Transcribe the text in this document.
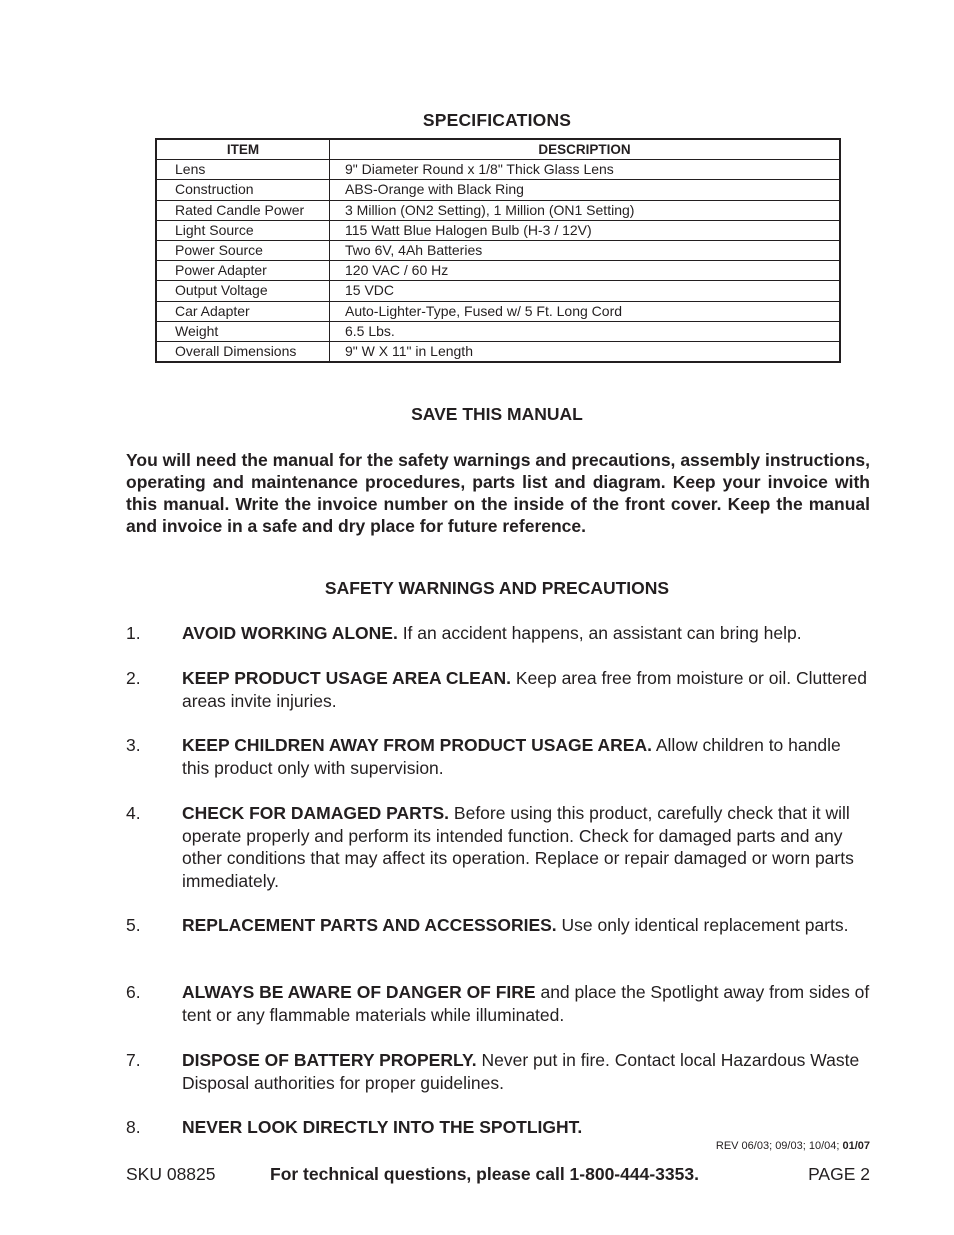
SPECIFICATIONS
ITEM	DESCRIPTION
Lens	9" Diameter Round x 1/8" Thick Glass Lens
Construction	ABS-Orange with Black Ring
Rated Candle Power	3 Million (ON2 Setting), 1 Million (ON1 Setting)
Light Source	115 Watt Blue Halogen Bulb (H-3 / 12V)
Power Source	Two 6V, 4Ah Batteries
Power Adapter	120 VAC / 60 Hz
Output Voltage	15 VDC
Car Adapter	Auto-Lighter-Type, Fused w/ 5 Ft. Long Cord
Weight	6.5 Lbs.
Overall Dimensions	9" W X 11" in Length
SAVE THIS MANUAL
You will need the manual for the safety warnings and precautions, assembly instructions, operating and maintenance procedures, parts list and diagram. Keep your invoice with this manual. Write the invoice number on the inside of the front cover. Keep the manual and invoice in a safe and dry place for future reference.
SAFETY WARNINGS AND PRECAUTIONS
1. AVOID WORKING ALONE. If an accident happens, an assistant can bring help.
2. KEEP PRODUCT USAGE AREA CLEAN. Keep area free from moisture or oil. Cluttered areas invite injuries.
3. KEEP CHILDREN AWAY FROM PRODUCT USAGE AREA. Allow children to handle this product only with supervision.
4. CHECK FOR DAMAGED PARTS. Before using this product, carefully check that it will operate properly and perform its intended function. Check for damaged parts and any other conditions that may affect its operation. Replace or repair damaged or worn parts immediately.
5. REPLACEMENT PARTS AND ACCESSORIES. Use only identical replacement parts.
6. ALWAYS BE AWARE OF DANGER OF FIRE and place the Spotlight away from sides of tent or any flammable materials while illuminated.
7. DISPOSE OF BATTERY PROPERLY. Never put in fire. Contact local Hazardous Waste Disposal authorities for proper guidelines.
8. NEVER LOOK DIRECTLY INTO THE SPOTLIGHT.
REV 06/03; 09/03; 10/04; 01/07
SKU 08825	For technical questions, please call 1-800-444-3353.	PAGE 2
